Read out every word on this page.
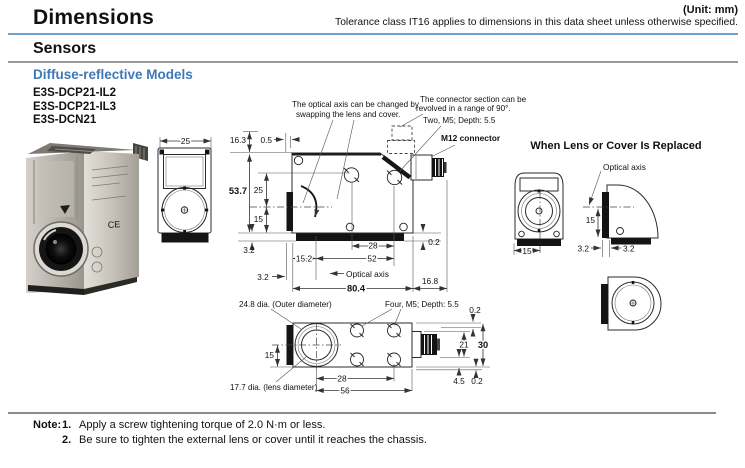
Dimensions	(Unit: mm)
Tolerance class IT16 applies to dimensions in this data sheet unless otherwise specified.
Sensors
Diffuse-reflective Models
E3S-DCP21-IL2
E3S-DCP21-IL3
E3S-DCN21
CE
25
The optical axis can be changed by
swapping the lens and cover.
The connector section can be
revolved in a range of 90°.
Two, M5; Depth: 5.5
M12 connector
16.3 0.5
53.7 25
15
3.2
3.2
28
15.2	52
Optical axis
80.4
16.8
0.2
When Lens or Cover Is Replaced
15
Optical axis
15
3.2	3.2
24.8 dia. (Outer diameter)	Four, M5; Depth: 5.5
17.7 dia. (lens diameter)
15
28
56
0.2
21 30
4.5 0.2
Note: 1. Apply a screw tightening torque of 2.0 N·m or less.
2. Be sure to tighten the external lens or cover until it reaches the chassis.
